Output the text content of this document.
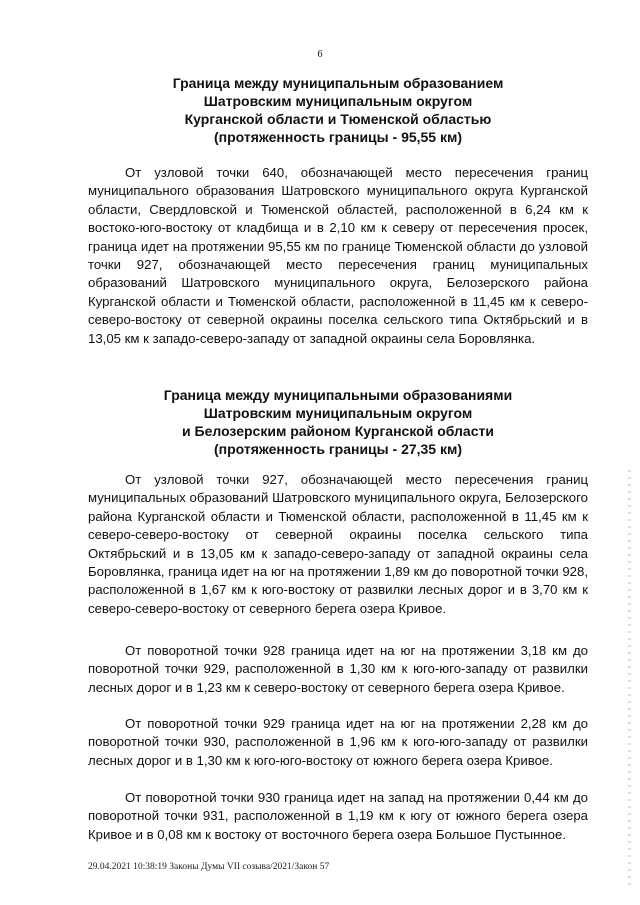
6
Граница между муниципальным образованием
Шатровским муниципальным округом
Курганской области и Тюменской областью
(протяженность границы - 95,55 км)

От узловой точки 640, обозначающей место пересечения границ муниципального образования Шатровского муниципального округа Курганской области, Свердловской и Тюменской областей, расположенной в 6,24 км к востоко-юго-востоку от кладбища и в 2,10 км к северу от пересечения просек, граница идет на протяжении 95,55 км по границе Тюменской области до узловой точки 927, обозначающей место пересечения границ муниципальных образований Шатровского муниципального округа, Белозерского района Курганской области и Тюменской области, расположенной в 11,45 км к северо-северо-востоку от северной окраины поселка сельского типа Октябрьский и в 13,05 км к западо-северо-западу от западной окраины села Боровлянка.

Граница между муниципальными образованиями
Шатровским муниципальным округом
и Белозерским районом Курганской области
(протяженность границы - 27,35 км)

От узловой точки 927, обозначающей место пересечения границ муниципальных образований Шатровского муниципального округа, Белозерского района Курганской области и Тюменской области, расположенной в 11,45 км к северо-северо-востоку от северной окраины поселка сельского типа Октябрьский и в 13,05 км к западо-северо-западу от западной окраины села Боровлянка, граница идет на юг на протяжении 1,89 км до поворотной точки 928, расположенной в 1,67 км к юго-востоку от развилки лесных дорог и в 3,70 км к северо-северо-востоку от северного берега озера Кривое.

От поворотной точки 928 граница идет на юг на протяжении 3,18 км до поворотной точки 929, расположенной в 1,30 км к юго-юго-западу от развилки лесных дорог и в 1,23 км к северо-востоку от северного берега озера Кривое.

От поворотной точки 929 граница идет на юг на протяжении 2,28 км до поворотной точки 930, расположенной в 1,96 км к юго-юго-западу от развилки лесных дорог и в 1,30 км к юго-юго-востоку от южного берега озера Кривое.

От поворотной точки 930 граница идет на запад на протяжении 0,44 км до поворотной точки 931, расположенной в 1,19 км к югу от южного берега озера Кривое и в 0,08 км к востоку от восточного берега озера Большое Пустынное.

29.04.2021 10:38:19 Законы Думы VII созыва/2021/Закон 57
